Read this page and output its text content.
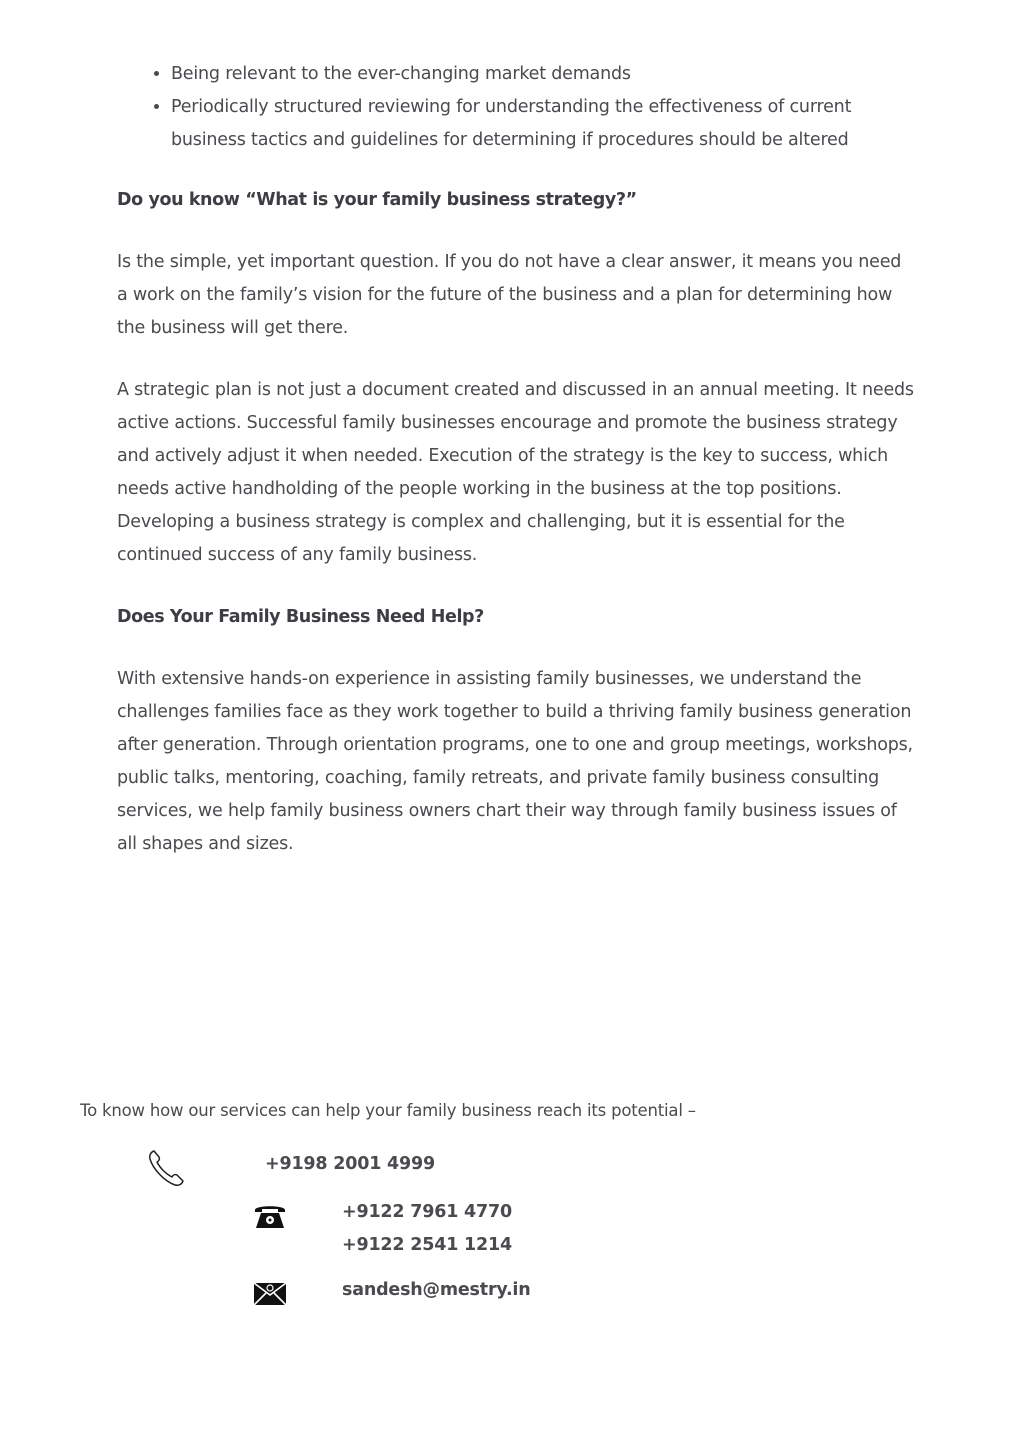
• Being relevant to the ever-changing market demands
• Periodically structured reviewing for understanding the effectiveness of current business tactics and guidelines for determining if procedures should be altered
Do you know “What is your family business strategy?”

Is the simple, yet important question. If you do not have a clear answer, it means you need a work on the family’s vision for the future of the business and a plan for determining how the business will get there.

A strategic plan is not just a document created and discussed in an annual meeting. It needs active actions. Successful family businesses encourage and promote the business strategy and actively adjust it when needed. Execution of the strategy is the key to success, which needs active handholding of the people working in the business at the top positions. Developing a business strategy is complex and challenging, but it is essential for the continued success of any family business.

Does Your Family Business Need Help?

With extensive hands-on experience in assisting family businesses, we understand the challenges families face as they work together to build a thriving family business generation after generation. Through orientation programs, one to one and group meetings, workshops, public talks, mentoring, coaching, family retreats, and private family business consulting services, we help family business owners chart their way through family business issues of all shapes and sizes.

To know how our services can help your family business reach its potential –
+9198 2001 4999
+9122 7961 4770
+9122 2541 1214
sandesh@mestry.in
